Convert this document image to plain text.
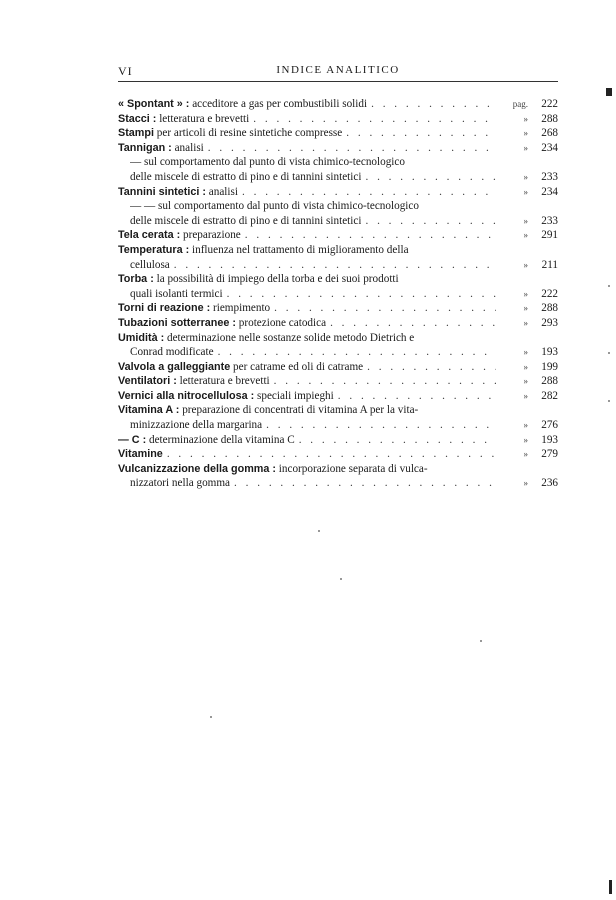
VI	INDICE ANALITICO
« Spontant » : acceditore a gas per combustibili solidi . . .	pag.	222
Stacci : letteratura e brevetti . . .	»	288
Stampi per articoli di resine sintetiche compresse . . .	»	268
Tannigan : analisi . . .	»	234
— sul comportamento dal punto di vista chimico-tecnologico
delle miscele di estratto di pino e di tannini sintetici . . .	»	233
Tannini sintetici : analisi . . .	»	234
— — sul comportamento dal punto di vista chimico-tecnologico
delle miscele di estratto di pino e di tannini sintetici . . .	»	233
Tela cerata : preparazione . . .	»	291
Temperatura : influenza nel trattamento di miglioramento della
cellulosa . . .	»	211
Torba : la possibilità di impiego della torba e dei suoi prodotti
quali isolanti termici . . .	»	222
Torni di reazione : riempimento . . .	»	288
Tubazioni sotterranee : protezione catodica . . .	»	293
Umidità : determinazione nelle sostanze solide metodo Dietrich e
Conrad modificate . . .	»	193
Valvola a galleggiante per catrame ed oli di catrame . . .	»	199
Ventilatori : letteratura e brevetti . . .	»	288
Vernici alla nitrocellulosa : speciali impieghi . . .	»	282
Vitamina A : preparazione di concentrati di vitamina A per la vita-
minizzazione della margarina . . .	»	276
— C : determinazione della vitamina C . . .	»	193
Vitamine . . .	»	279
Vulcanizzazione della gomma : incorporazione separata di vulca-
nizzatori nella gomma . . .	»	236
